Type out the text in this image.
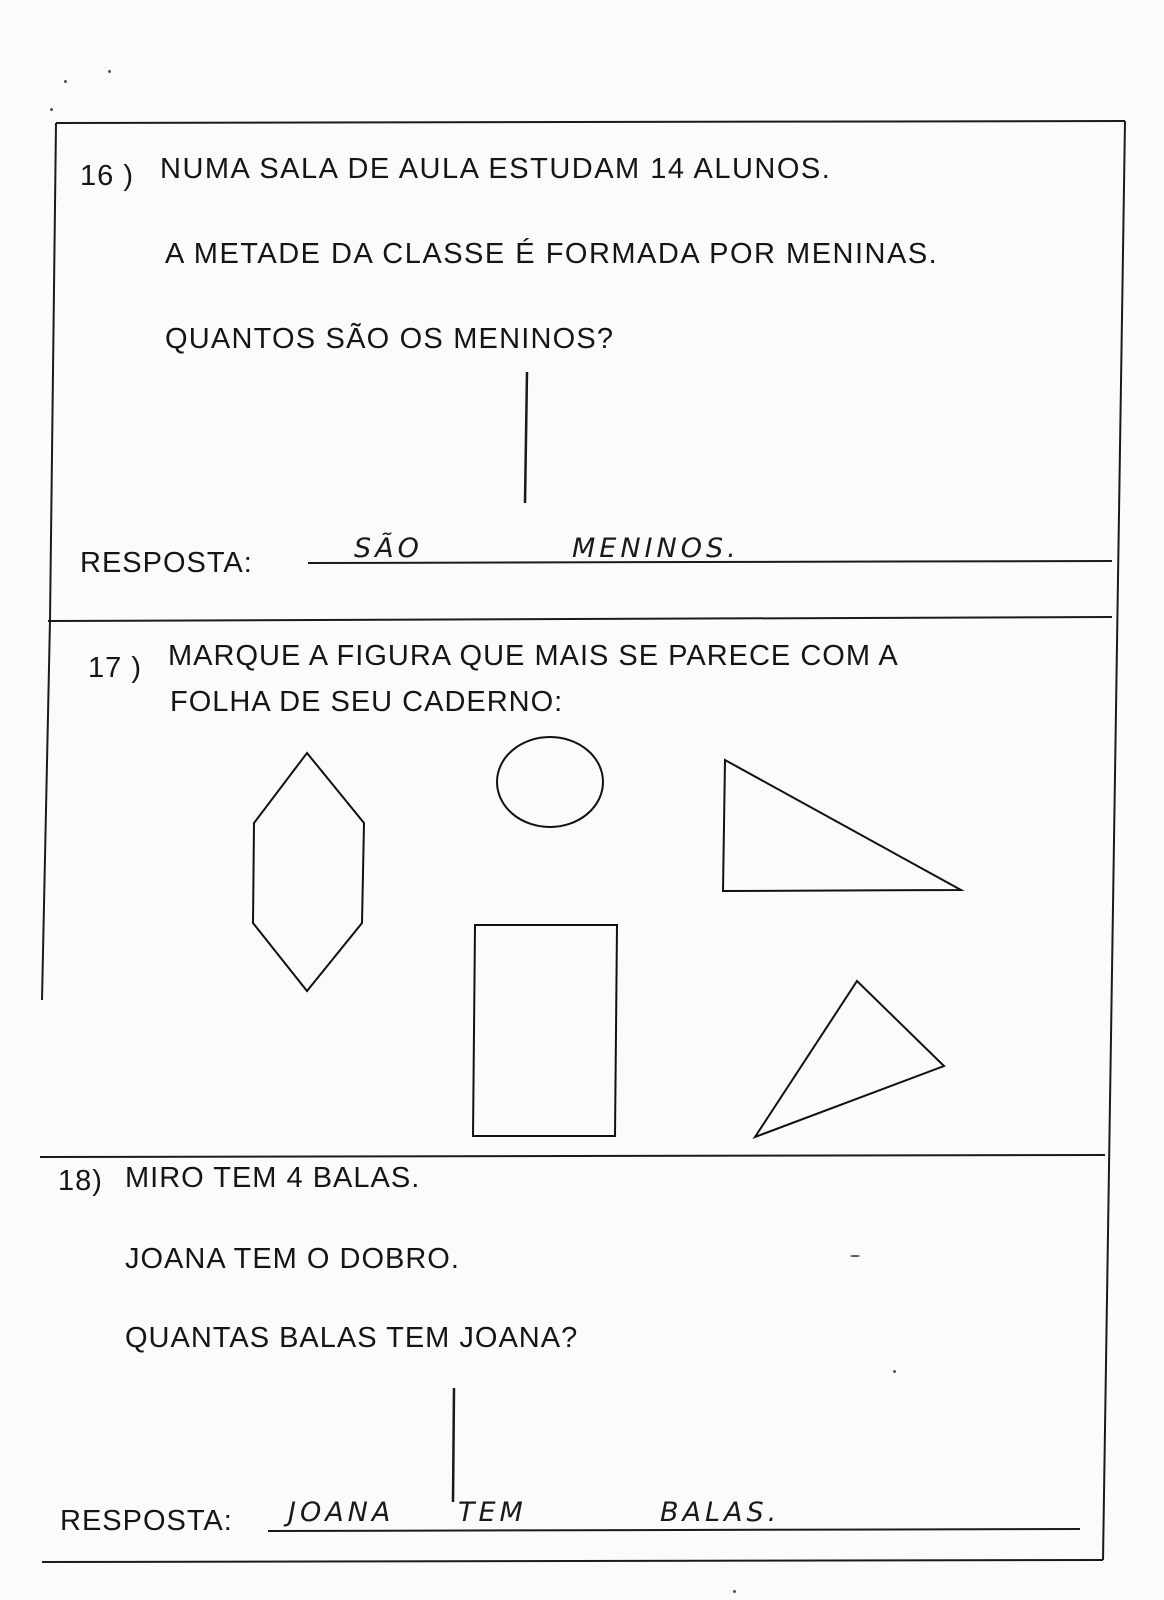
16 ) NUMA SALA DE AULA ESTUDAM 14 ALUNOS.
A METADE DA CLASSE É FORMADA POR MENINAS.
QUANTOS SÃO OS MENINOS?
RESPOSTA:	SÃO	MENINOS.
17 ) MARQUE A FIGURA QUE MAIS SE PARECE COM A
FOLHA DE SEU CADERNO:
18) MIRO TEM 4 BALAS.
JOANA TEM O DOBRO.
QUANTAS BALAS TEM JOANA?
RESPOSTA: JOANA TEM	BALAS.
